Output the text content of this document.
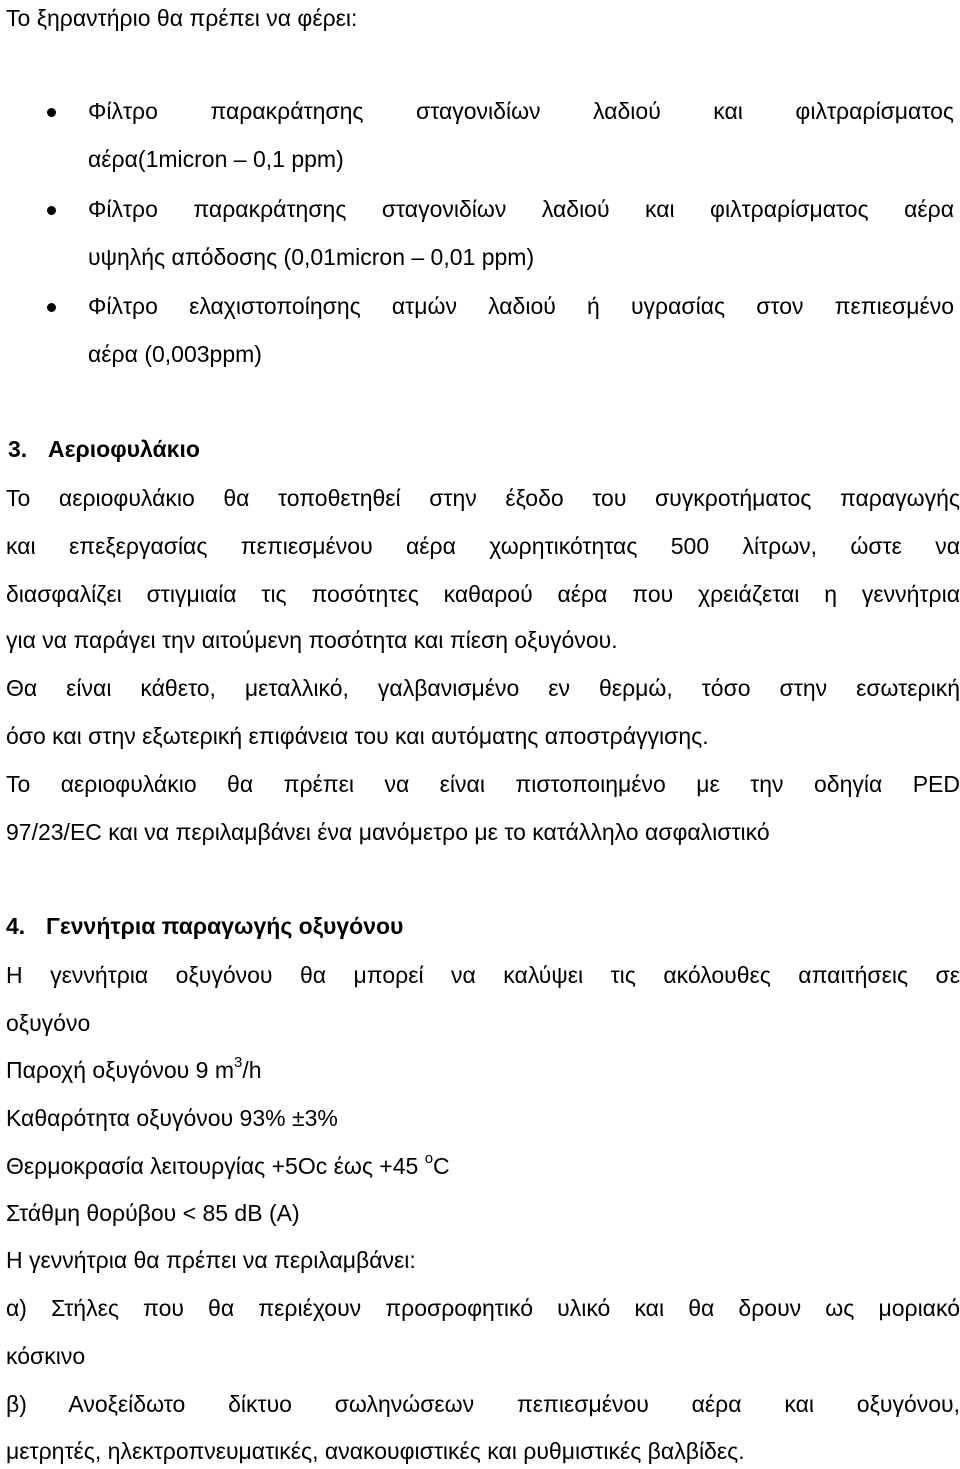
Το ξηραντήριο θα πρέπει να φέρει:
Φίλτρο παρακράτησης σταγονιδίων λαδιού και φιλτραρίσματος
αέρα(1micron – 0,1 ppm)
Φίλτρο παρακράτησης σταγονιδίων λαδιού και φιλτραρίσματος αέρα
υψηλής απόδοσης (0,01micron – 0,01 ppm)
Φίλτρο ελαχιστοποίησης ατμών λαδιού ή υγρασίας στον πεπιεσμένο
αέρα (0,003ppm)
3. Αεριοφυλάκιο
Το αεριοφυλάκιο θα τοποθετηθεί στην έξοδο του συγκροτήματος παραγωγής
και επεξεργασίας πεπιεσμένου αέρα χωρητικότητας 500 λίτρων, ώστε να
διασφαλίζει στιγμιαία τις ποσότητες καθαρού αέρα που χρειάζεται η γεννήτρια
για να παράγει την αιτούμενη ποσότητα και πίεση οξυγόνου.
Θα είναι κάθετο, μεταλλικό, γαλβανισμένο εν θερμώ, τόσο στην εσωτερική
όσο και στην εξωτερική επιφάνεια του και αυτόματης αποστράγγισης.
Το αεριοφυλάκιο θα πρέπει να είναι πιστοποιημένο με την οδηγία PED
97/23/EC και να περιλαμβάνει ένα μανόμετρο με το κατάλληλο ασφαλιστικό
4. Γεννήτρια παραγωγής οξυγόνου
Η γεννήτρια οξυγόνου θα μπορεί να καλύψει τις ακόλουθες απαιτήσεις σε
οξυγόνο
Παροχή οξυγόνου 9 $m^3/h$
Καθαρότητα οξυγόνου 93% ±3%
Θερμοκρασία λειτουργίας +5Oc έως +45 $^o$C
Στάθμη θορύβου < 85 dB (A)
Η γεννήτρια θα πρέπει να περιλαμβάνει:
α) Στήλες που θα περιέχουν προσροφητικό υλικό και θα δρουν ως μοριακό
κόσκινο
β) Ανοξείδωτο δίκτυο σωληνώσεων πεπιεσμένου αέρα και οξυγόνου,
μετρητές, ηλεκτροπνευματικές, ανακουφιστικές και ρυθμιστικές βαλβίδες.
